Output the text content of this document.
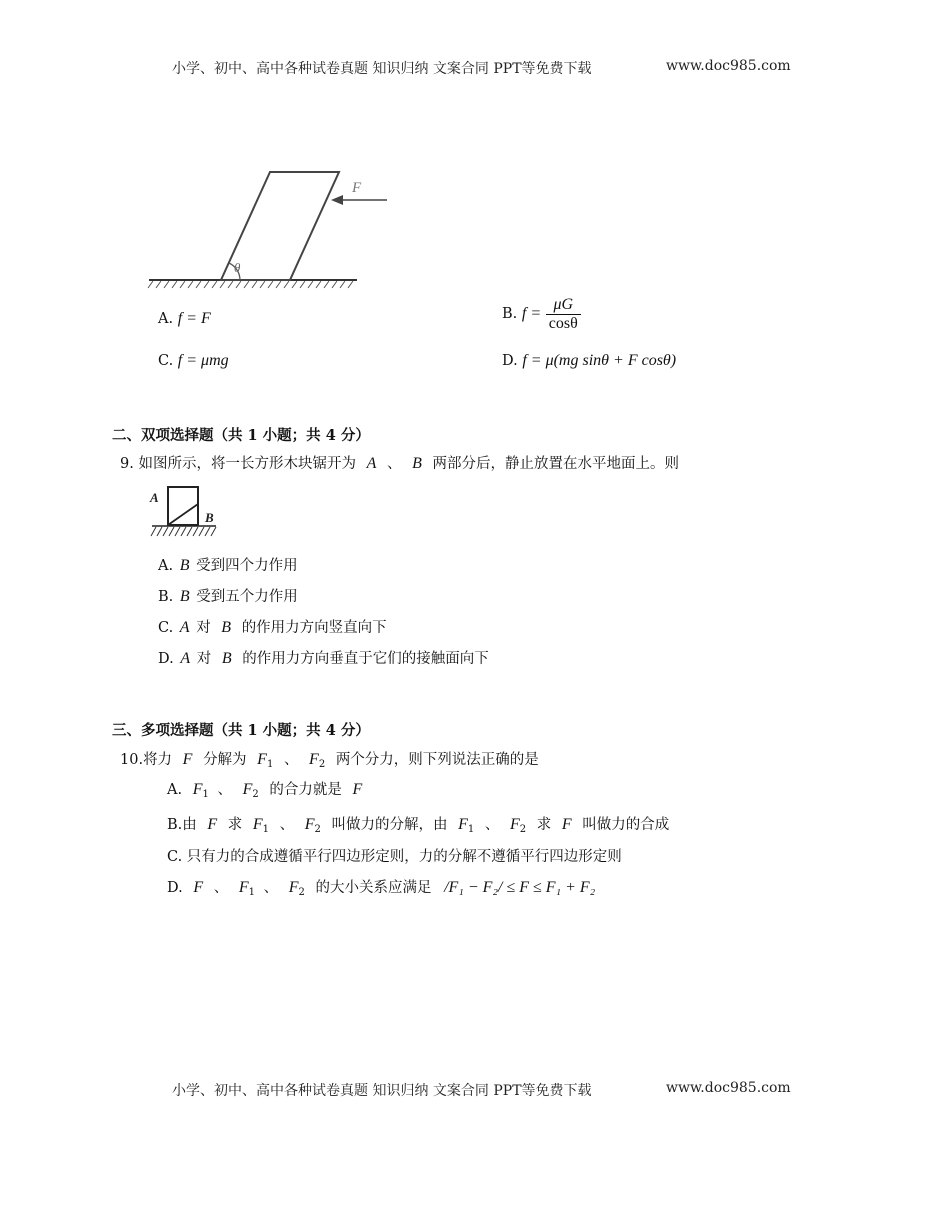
小学、初中、高中各种试卷真题 知识归纳 文案合同 PPT等免费下载	www.doc985.com
F
θ
A. f = F	B. $f = \frac{\mu G}{\cos\theta}$
C. f = μmg	D. f = μ(mg sinθ + F cosθ)
二、双项选择题（共 1 小题；共 4 分）
9. 如图所示，将一长方形木块锯开为 A 、 B 两部分后，静止放置在水平地面上。则
A
B
A. B 受到四个力作用
B. B 受到五个力作用
C. A 对 B 的作用力方向竖直向下
D. A 对 B 的作用力方向垂直于它们的接触面向下
三、多项选择题（共 1 小题；共 4 分）
10.将力 F 分解为 $F_1$ 、 $F_2$ 两个分力，则下列说法正确的是
A. $F_1$ 、 $F_2$ 的合力就是 F
B.由 F 求 $F_1$ 、 $F_2$ 叫做力的分解，由 $F_1$ 、 $F_2$ 求 F 叫做力的合成
C. 只有力的合成遵循平行四边形定则，力的分解不遵循平行四边形定则
D. F 、 $F_1$ 、 $F_2$ 的大小关系应满足 /F₁ − F₂/ ≤ F ≤ F₁ + F₂
小学、初中、高中各种试卷真题 知识归纳 文案合同 PPT等免费下载	www.doc985.com
